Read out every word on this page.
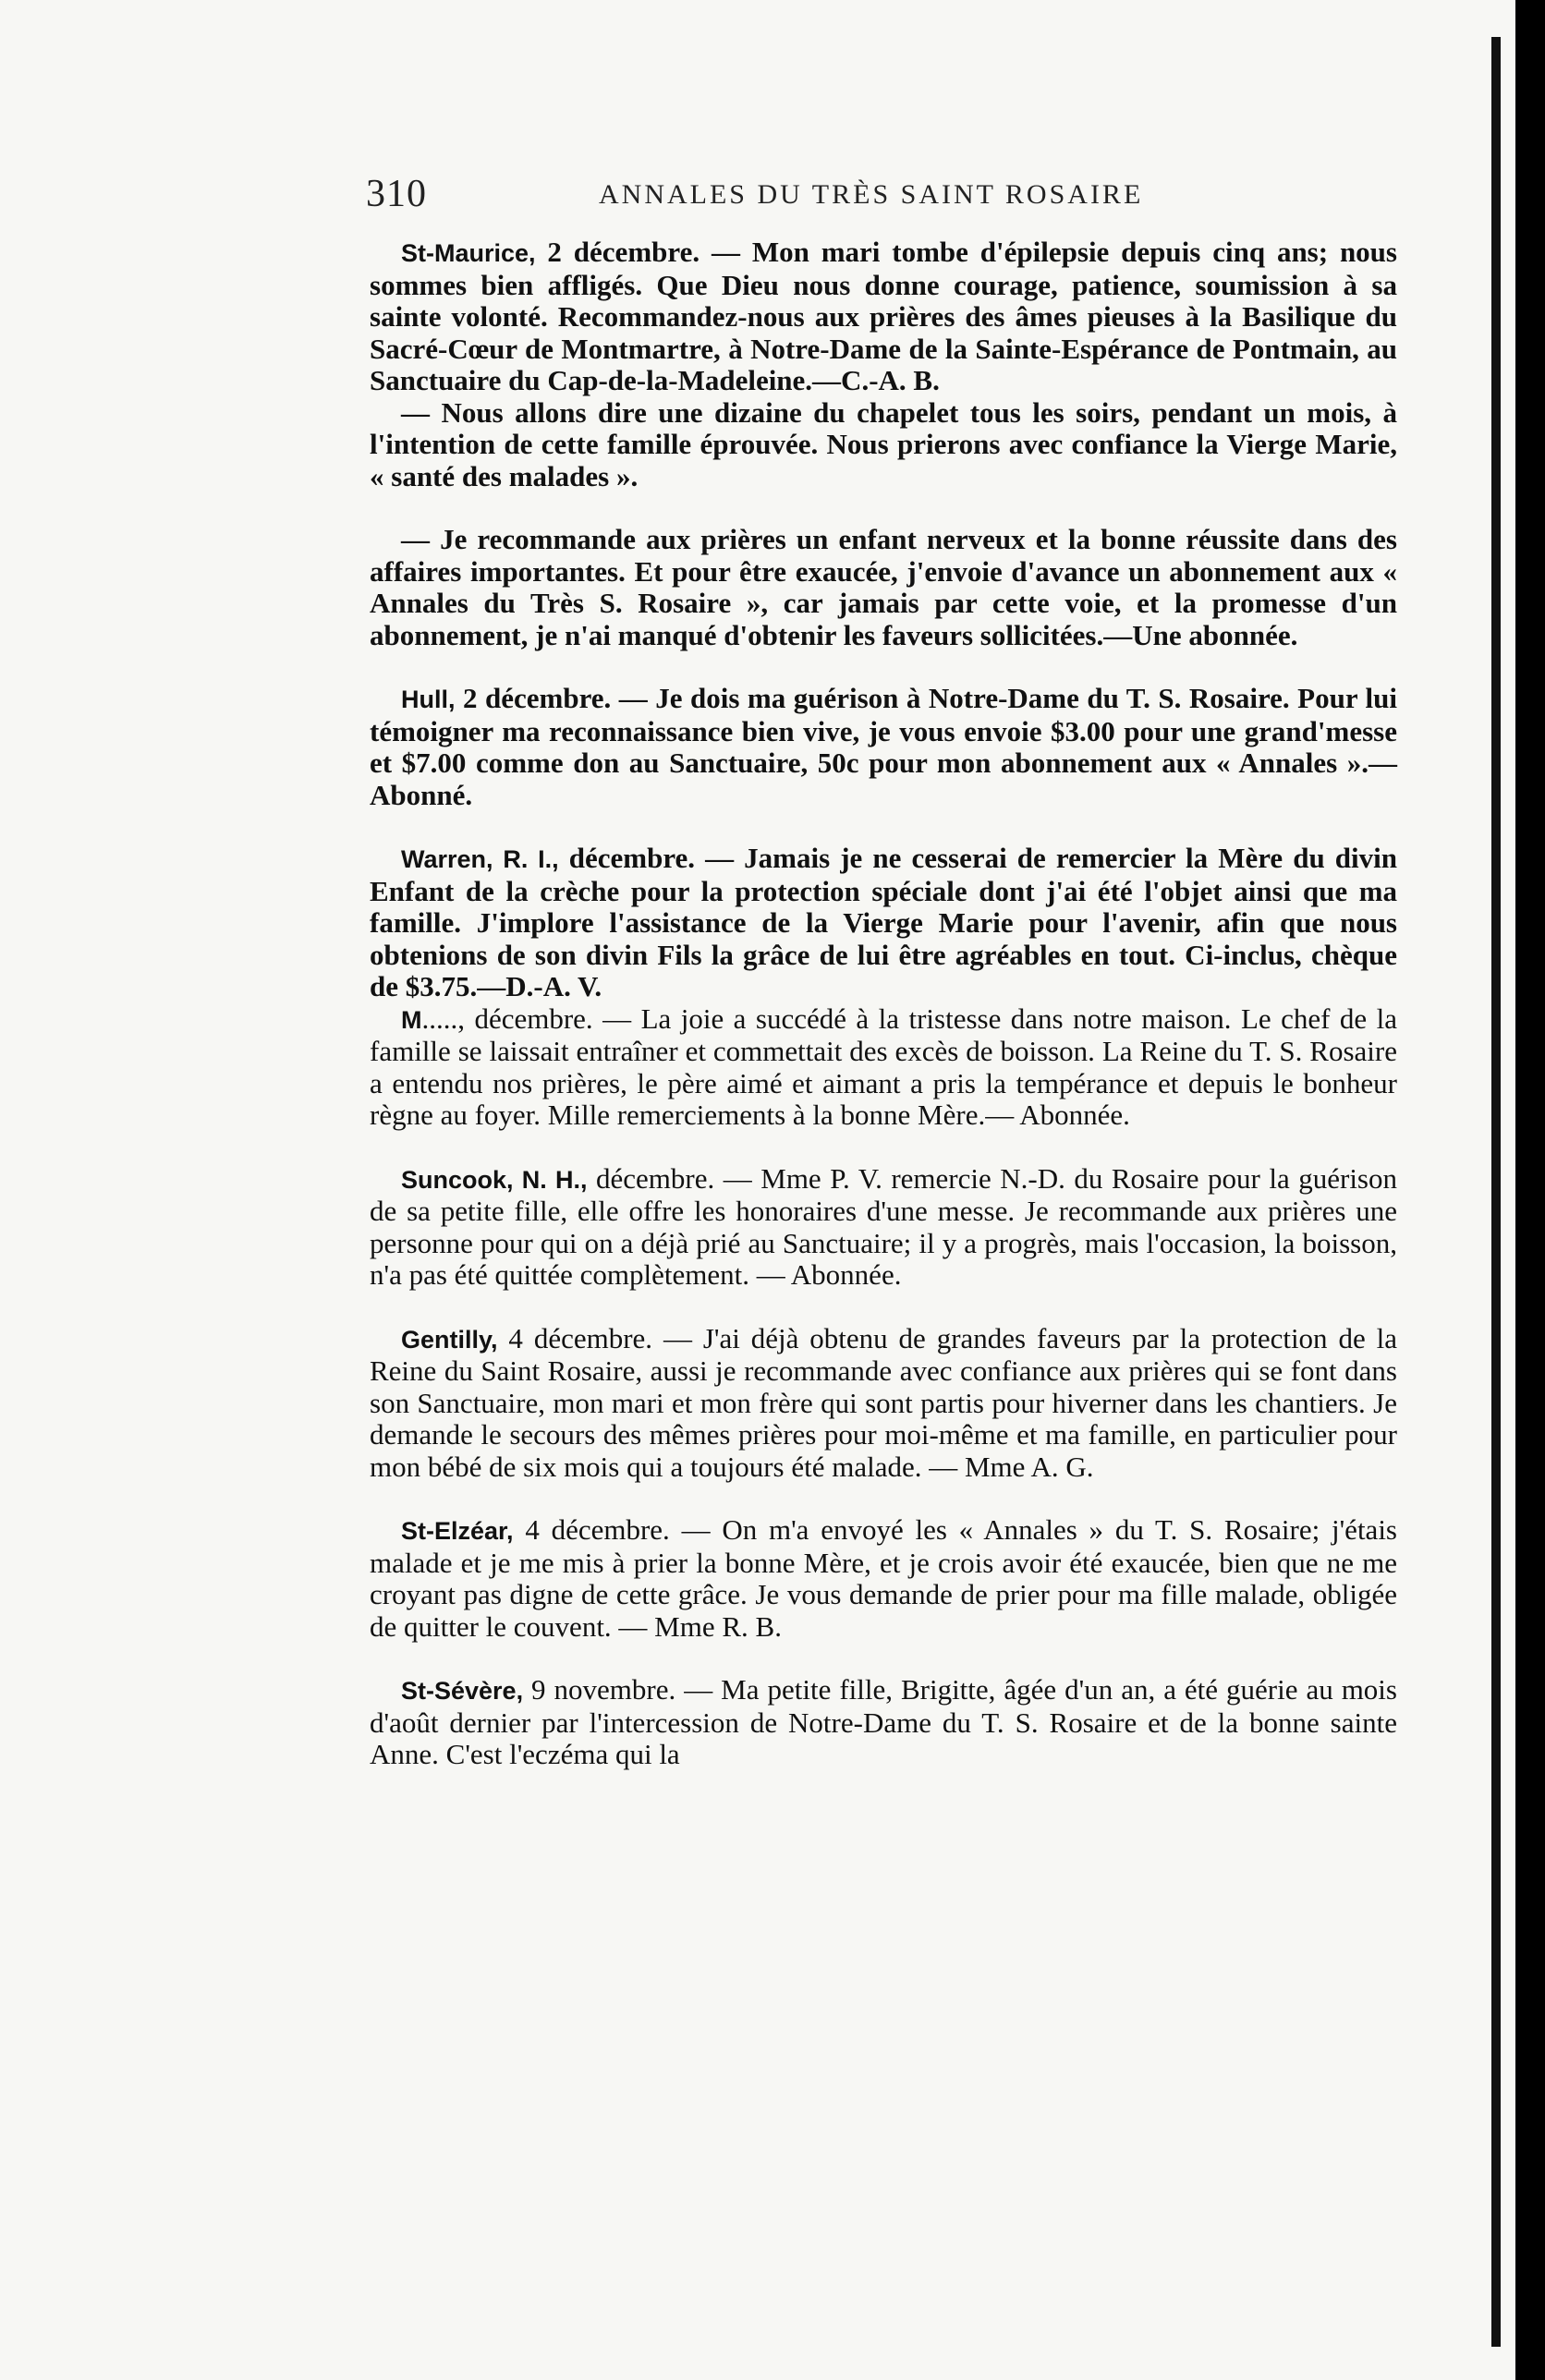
310	ANNALES DU TRÈS SAINT ROSAIRE

St-Maurice, 2 décembre. — Mon mari tombe d'épilepsie depuis cinq ans; nous sommes bien affligés. Que Dieu nous donne courage, patience, soumission à sa sainte volonté. Recommandez-nous aux prières des âmes pieuses à la Basilique du Sacré-Cœur de Montmartre, à Notre-Dame de la Sainte-Espérance de Pontmain, au Sanctuaire du Cap-de-la-Madeleine.—C.-A. B.

— Nous allons dire une dizaine du chapelet tous les soirs, pendant un mois, à l'intention de cette famille éprouvée. Nous prierons avec confiance la Vierge Marie, « santé des malades ».

— Je recommande aux prières un enfant nerveux et la bonne réussite dans des affaires importantes. Et pour être exaucée, j'envoie d'avance un abonnement aux « Annales du Très S. Rosaire », car jamais par cette voie, et la promesse d'un abonnement, je n'ai manqué d'obtenir les faveurs sollicitées.—Une abonnée.

Hull, 2 décembre. — Je dois ma guérison à Notre-Dame du T. S. Rosaire. Pour lui témoigner ma reconnaissance bien vive, je vous envoie $3.00 pour une grand'messe et $7.00 comme don au Sanctuaire, 50c pour mon abonnement aux « Annales ».—Abonné.

Warren, R. I., décembre. — Jamais je ne cesserai de remercier la Mère du divin Enfant de la crèche pour la protection spéciale dont j'ai été l'objet ainsi que ma famille. J'implore l'assistance de la Vierge Marie pour l'avenir, afin que nous obtenions de son divin Fils la grâce de lui être agréables en tout. Ci-inclus, chèque de $3.75.—D.-A. V.

M....., décembre. — La joie a succédé à la tristesse dans notre maison. Le chef de la famille se laissait entraîner et commettait des excès de boisson. La Reine du T. S. Rosaire a entendu nos prières, le père aimé et aimant a pris la tempérance et depuis le bonheur règne au foyer. Mille remerciements à la bonne Mère.— Abonnée.

Suncook, N. H., décembre. — Mme P. V. remercie N.-D. du Rosaire pour la guérison de sa petite fille, elle offre les honoraires d'une messe. Je recommande aux prières une personne pour qui on a déjà prié au Sanctuaire; il y a progrès, mais l'occasion, la boisson, n'a pas été quittée complètement. — Abonnée.

Gentilly, 4 décembre. — J'ai déjà obtenu de grandes faveurs par la protection de la Reine du Saint Rosaire, aussi je recommande avec confiance aux prières qui se font dans son Sanctuaire, mon mari et mon frère qui sont partis pour hiverner dans les chantiers. Je demande le secours des mêmes prières pour moi-même et ma famille, en particulier pour mon bébé de six mois qui a toujours été malade. — Mme A. G.

St-Elzéar, 4 décembre. — On m'a envoyé les « Annales » du T. S. Rosaire; j'étais malade et je me mis à prier la bonne Mère, et je crois avoir été exaucée, bien que ne me croyant pas digne de cette grâce. Je vous demande de prier pour ma fille malade, obligée de quitter le couvent. — Mme R. B.

St-Sévère, 9 novembre. — Ma petite fille, Brigitte, âgée d'un an, a été guérie au mois d'août dernier par l'intercession de Notre-Dame du T. S. Rosaire et de la bonne sainte Anne. C'est l'eczéma qui la
